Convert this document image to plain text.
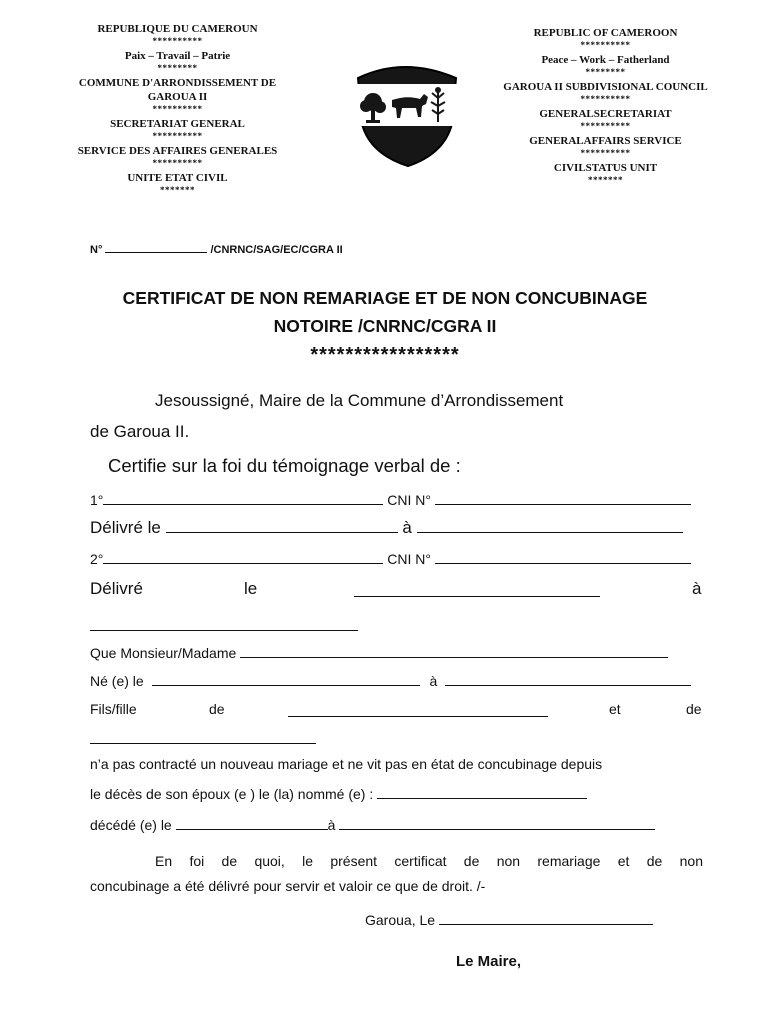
REPUBLIQUE DU CAMEROUN
**********
Paix – Travail – Patrie
********
COMMUNE D'ARRONDISSEMENT DE
GAROUA II
**********
SECRETARIAT GENERAL
**********
SERVICE DES AFFAIRES GENERALES
**********
UNITE ETAT CIVIL
*******
REPUBLIC OF CAMEROON
**********
Peace – Work – Fatherland
********
GAROUA II SUBDIVISIONAL COUNCIL
**********
GENERALSECRETARIAT
**********
GENERALAFFAIRS SERVICE
**********
CIVILSTATUS UNIT
*******
N°	/CNRNC/SAG/EC/CGRA II
CERTIFICAT DE NON REMARIAGE ET DE NON CONCUBINAGE
NOTOIRE /CNRNC/CGRA II
*****************
Jesoussigné, Maire de la Commune d’Arrondissement
de Garoua II.
Certifie sur la foi du témoignage verbal de :
1°	CNI N°
Délivré le	à
2°	CNI N°
Délivré	le	à
Que Monsieur/Madame
Né (e) le	à
Fils/fille	de	et	de
n’a pas contracté un nouveau mariage et ne vit pas en état de concubinage depuis
le décès de son époux (e ) le (la) nommé (e) :
décédé (e) le	à
En foi de quoi, le présent certificat de non remariage et de non
concubinage a été délivré pour servir et valoir ce que de droit. /-
Garoua, Le
Le Maire,
